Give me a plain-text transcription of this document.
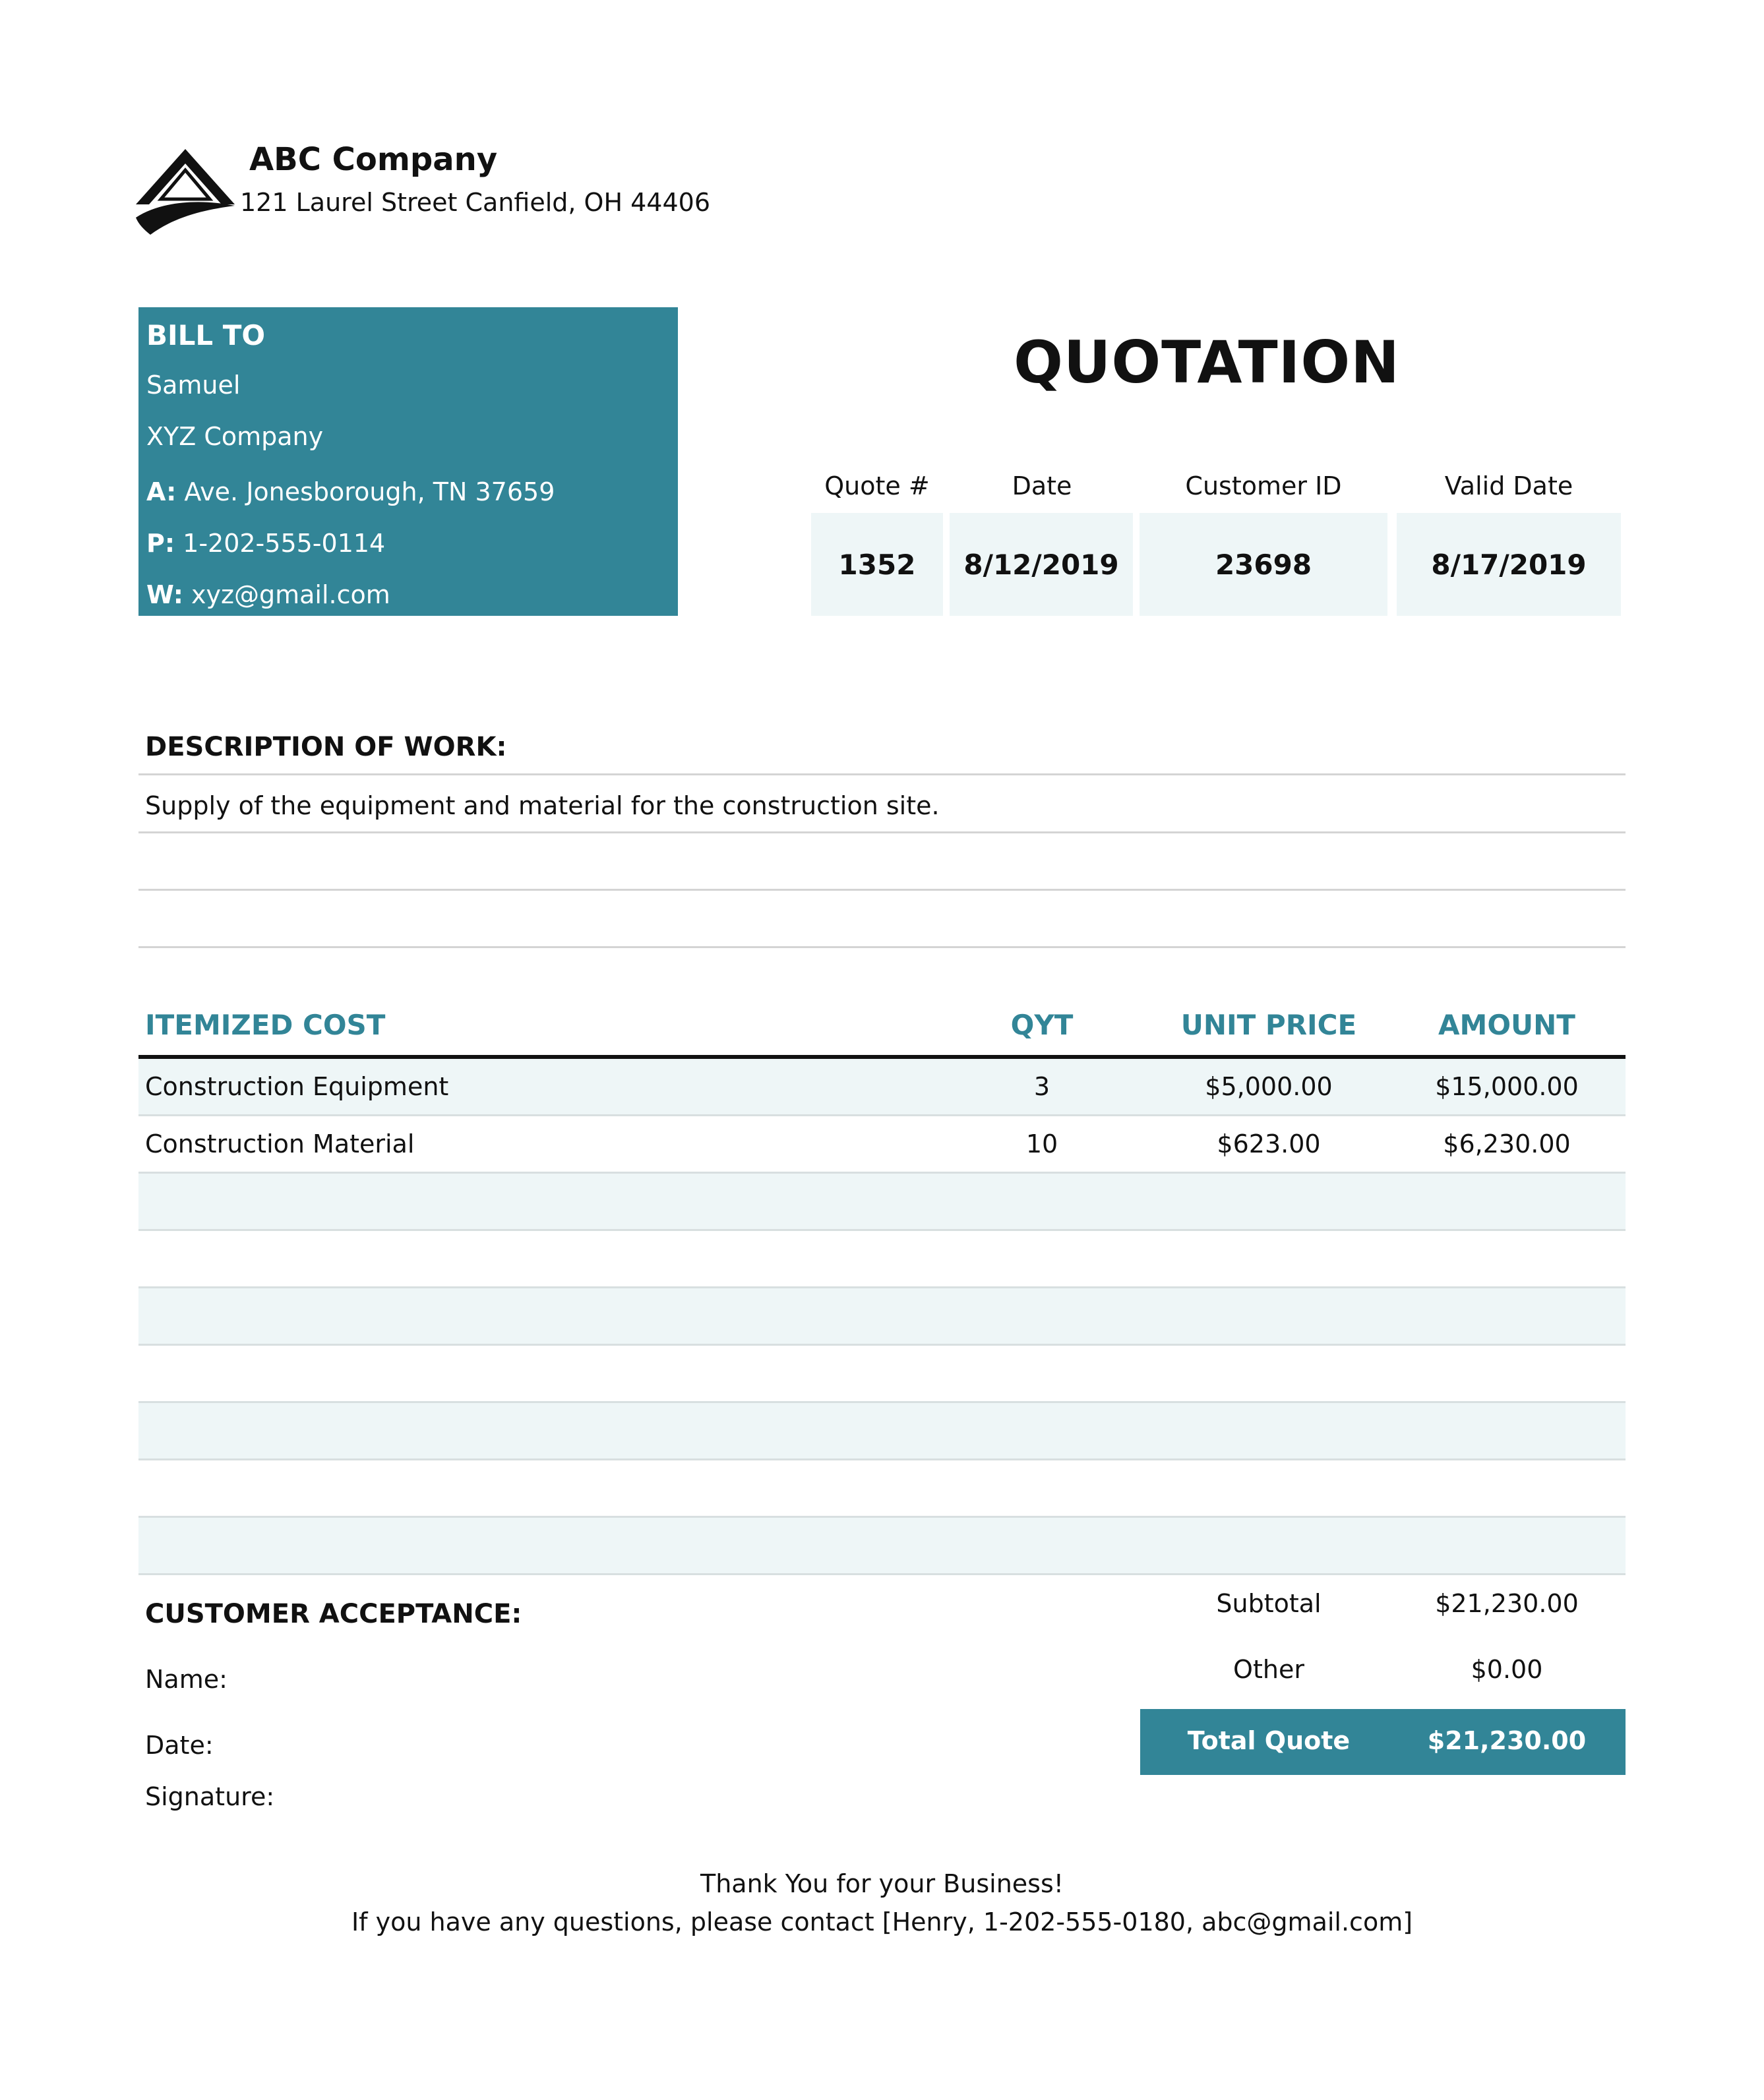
ABC Company
121 Laurel Street Canfield, OH 44406
BILL TO
Samuel
XYZ Company
A: Ave. Jonesborough, TN 37659
P: 1-202-555-0114
W: xyz@gmail.com
QUOTATION
Quote #	Date	Customer ID	Valid Date
1352	8/12/2019	23698	8/17/2019
DESCRIPTION OF WORK:
Supply of the equipment and material for the construction site.
ITEMIZED COST	QYT	UNIT PRICE	AMOUNT
Construction Equipment	3	$5,000.00	$15,000.00
Construction Material	10	$623.00	$6,230.00
CUSTOMER ACCEPTANCE:
Name:
Date:
Signature:
Subtotal	$21,230.00
Other	$0.00
Total Quote	$21,230.00
Thank You for your Business!
If you have any questions, please contact [Henry, 1-202-555-0180, abc@gmail.com]
